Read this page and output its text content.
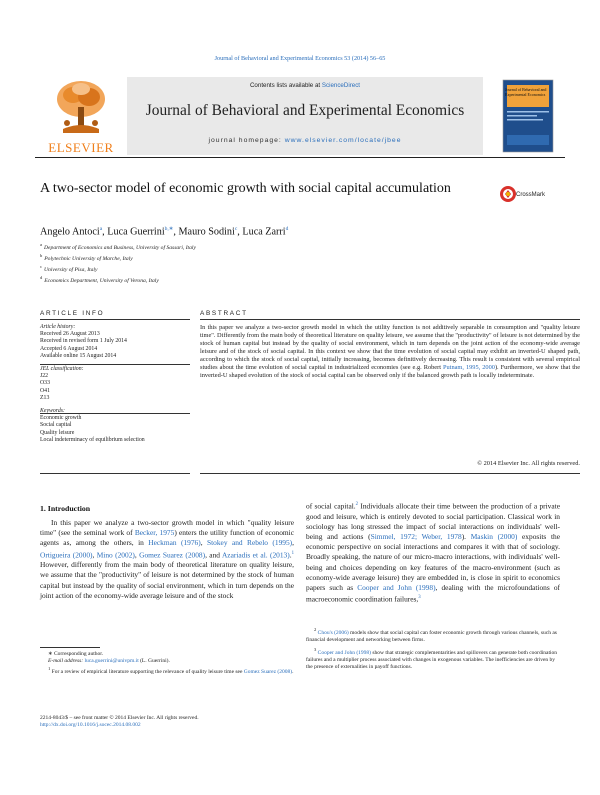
Journal of Behavioral and Experimental Economics 53 (2014) 56–65
ELSEVIER
Contents lists available at ScienceDirect
Journal of Behavioral and Experimental Economics
journal homepage: www.elsevier.com/locate/jbee
Journal of Behavioral and Experimental Economics
A two-sector model of economic growth with social capital accumulation	CrossMark
Angelo Antoci$^a$, Luca Guerrini$^{b,∗}$, Mauro Sodini$^c$, Luca Zarri$^d$
$^a$Department of Economics and Business, University of Sassari, Italy
$^b$Polytechnic University of Marche, Italy
$^c$University of Pisa, Italy
$^d$Economics Department, University of Verona, Italy
ARTICLE INFO
Article history:
Received 26 August 2013
Received in revised form 1 July 2014
Accepted 6 August 2014
Available online 15 August 2014
JEL classification:
J22
O33
O41
Z13
Keywords:
Economic growth
Social capital
Quality leisure
Local indeterminacy of equilibrium selection
ABSTRACT
In this paper we analyze a two-sector growth model in which the utility function is not additively separable in consumption and "quality leisure time". Differently from the main body of theoretical literature on quality leisure, we assume that the "productivity" of leisure is not determined by the stock of human capital but instead by the quality of social environment, which in turn depends on the joint action of the economy-wide average leisure and of the stock of social capital. In this context we show that the time evolution of social capital may exhibit an inverted-U shaped path, according to which the stock of social capital, initially increasing, becomes definitively decreasing. This result is consistent with several empirical studies about the time evolution of social capital in industrialized economies (see e.g. Robert Putnam, 1995, 2000). Furthermore, we show that the inverted-U shaped evolution of the stock of social capital can be observed only if the balanced growth path is locally indeterminate.
© 2014 Elsevier Inc. All rights reserved.
1. Introduction
In this paper we analyze a two-sector growth model in which "quality leisure time" (see the seminal work of Becker, 1975) enters the utility function of economic agents as, among the others, in Heckman (1976), Stokey and Rebelo (1995), Ortigueira (2000), Mino (2002), Gomez Suarez (2008), and Azariadis et al. (2013).$^1$ However, differently from the main body of theoretical literature on quality leisure, we assume that the "productivity" of leisure is not determined by the stock of human capital but instead by the quality of social environment, which in turn depends on the joint action of the economy-wide average leisure and of the stock
of social capital.$^2$ Individuals allocate their time between the production of a private good and leisure, which is entirely devoted to social participation. Classical work in sociology has long stressed the impact of social interactions on individuals' well-being and actions (Simmel, 1972; Weber, 1978). Maskin (2000) exposits the economic perspective on social interactions and compares it with that of sociology. Broadly speaking, the nature of our micro-macro interactions, with individuals' well-being and choices depending on key features of the macro-environment (such as economy-wide average leisure) they are embedded in, is close in spirit to economics papers such as Cooper and John (1998), dealing with the microfoundations of macroeconomic coordination failures,$^3$

∗ Corresponding author.

E-mail address: luca.guerrini@univpm.it (L. Guerrini).

$^1$ For a review of empirical literature supporting the relevance of quality leisure time see Gomez Suarez (2008).

$^2$ Chou's (2006) models show that social capital can foster economic growth through various channels, such as financial development and networking between firms.

$^3$ Cooper and John (1998) show that strategic complementarities and spillovers can generate both coordination failures and a multiplier process associated with changes in exogenous variables. The inefficiencies are driven by the presence of externalities in payoff functions.

2214-8043/$ – see front matter © 2014 Elsevier Inc. All rights reserved.
http://dx.doi.org/10.1016/j.socec.2014.08.002
